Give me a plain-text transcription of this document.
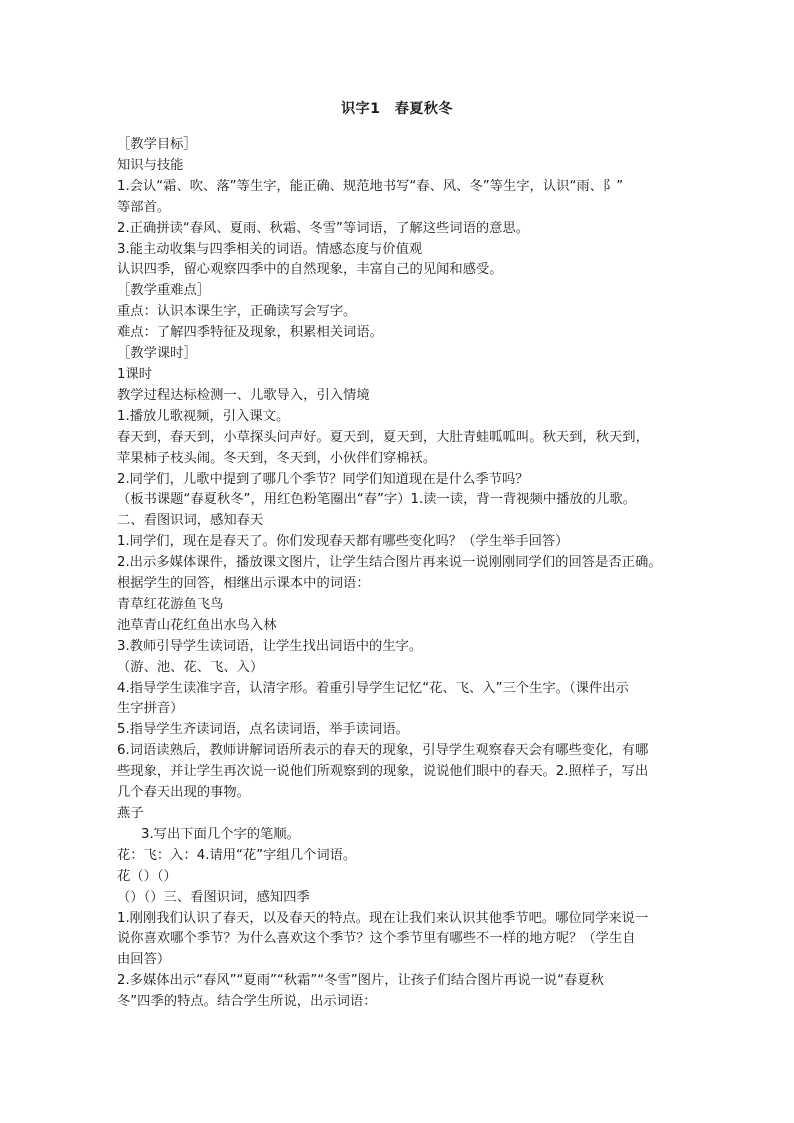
识字1　春夏秋冬
［教学目标］
知识与技能
1.会认“霜、吹、落”等生字，能正确、规范地书写“春、风、冬”等生字，认识“雨、阝”
等部首。
2.正确拼读“春风、夏雨、秋霜、冬雪”等词语，了解这些词语的意思。
3.能主动收集与四季相关的词语。情感态度与价值观
认识四季，留心观察四季中的自然现象，丰富自己的见闻和感受。
［教学重难点］
重点：认识本课生字，正确读写会写字。
难点：了解四季特征及现象，积累相关词语。
［教学课时］
1课时
教学过程达标检测一、儿歌导入，引入情境
1.播放儿歌视频，引入课文。
春天到，春天到，小草探头问声好。夏天到，夏天到，大肚青蛙呱呱叫。秋天到，秋天到，
苹果柿子枝头闹。冬天到，冬天到，小伙伴们穿棉袄。
2.同学们，儿歌中提到了哪几个季节？同学们知道现在是什么季节吗？
（板书课题“春夏秋冬”，用红色粉笔圈出“春”字）1.读一读，背一背视频中播放的儿歌。
二、看图识词，感知春天
1.同学们，现在是春天了。你们发现春天都有哪些变化吗？（学生举手回答）
2.出示多媒体课件，播放课文图片，让学生结合图片再来说一说刚刚同学们的回答是否正确。
根据学生的回答，相继出示课本中的词语：
青草红花游鱼飞鸟
池草青山花红鱼出水鸟入林
3.教师引导学生读词语，让学生找出词语中的生字。
（游、池、花、飞、入）
4.指导学生读准字音，认清字形。着重引导学生记忆“花、飞、入”三个生字。（课件出示
生字拼音）
5.指导学生齐读词语，点名读词语，举手读词语。
6.词语读熟后，教师讲解词语所表示的春天的现象，引导学生观察春天会有哪些变化，有哪
些现象，并让学生再次说一说他们所观察到的现象，说说他们眼中的春天。2.照样子，写出
几个春天出现的事物。
燕子
3.写出下面几个字的笔顺。
花：飞：入：4.请用“花”字组几个词语。
花（）（）
（）（）三、看图识词，感知四季
1.刚刚我们认识了春天，以及春天的特点。现在让我们来认识其他季节吧。哪位同学来说一
说你喜欢哪个季节？为什么喜欢这个季节？这个季节里有哪些不一样的地方呢？（学生自
由回答）
2.多媒体出示“春风”“夏雨”“秋霜”“冬雪”图片，让孩子们结合图片再说一说“春夏秋
冬”四季的特点。结合学生所说，出示词语：
